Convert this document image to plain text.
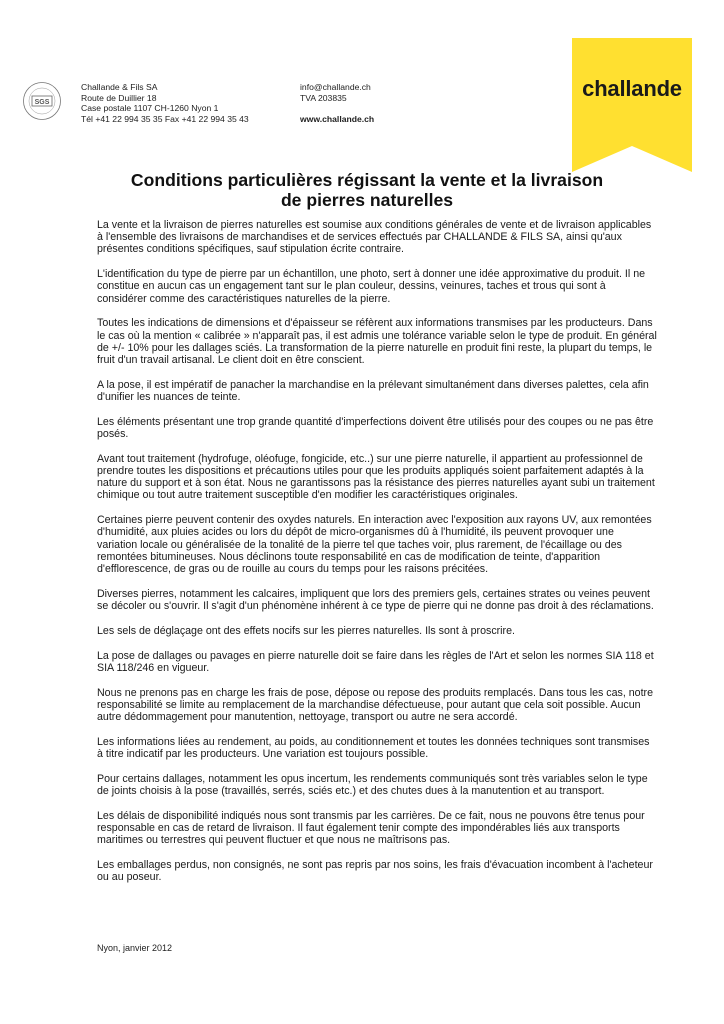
SGS
Challande & Fils SA
Route de Duillier 18
Case postale 1107 CH-1260 Nyon 1
Tél +41 22 994 35 35 Fax +41 22 994 35 43
info@challande.ch
TVA 203835
www.challande.ch
challande
Conditions particulières régissant la vente et la livraison
de pierres naturelles

La vente et la livraison de pierres naturelles est soumise aux conditions générales de vente et de livraison applicables à l'ensemble des livraisons de marchandises et de services effectués par CHALLANDE & FILS SA, ainsi qu'aux présentes conditions spécifiques, sauf stipulation écrite contraire.

L'identification du type de pierre par un échantillon, une photo, sert à donner une idée approximative du produit. Il ne constitue en aucun cas un engagement tant sur le plan couleur, dessins, veinures, taches et trous qui sont à considérer comme des caractéristiques naturelles de la pierre.

Toutes les indications de dimensions et d'épaisseur se réfèrent aux informations transmises par les producteurs. Dans le cas où la mention « calibrée » n'apparaît pas, il est admis une tolérance variable selon le type de produit. En général de +/- 10% pour les dallages sciés. La transformation de la pierre naturelle en produit fini reste, la plupart du temps, le fruit d'un travail artisanal. Le client doit en être conscient.

A la pose, il est impératif de panacher la marchandise en la prélevant simultanément dans diverses palettes, cela afin d'unifier les nuances de teinte.

Les éléments présentant une trop grande quantité d'imperfections doivent être utilisés pour des coupes ou ne pas être posés.

Avant tout traitement (hydrofuge, oléofuge, fongicide, etc..) sur une pierre naturelle, il appartient au professionnel de prendre toutes les dispositions et précautions utiles pour que les produits appliqués soient parfaitement adaptés à la nature du support et à son état. Nous ne garantissons pas la résistance des pierres naturelles ayant subi un traitement chimique ou tout autre traitement susceptible d'en modifier les caractéristiques originales.

Certaines pierre peuvent contenir des oxydes naturels. En interaction avec l'exposition aux rayons UV, aux remontées d'humidité, aux pluies acides ou lors du dépôt de micro-organismes dû à l'humidité, ils peuvent provoquer une variation locale ou généralisée de la tonalité de la pierre tel que taches voir, plus rarement, de l'écaillage ou des remontées bitumineuses. Nous déclinons toute responsabilité en cas de modification de teinte, d'apparition d'efflorescence, de gras ou de rouille au cours du temps pour les raisons précitées.

Diverses pierres, notamment les calcaires, impliquent que lors des premiers gels, certaines strates ou veines peuvent se décoler ou s'ouvrir. Il s'agit d'un phénomène inhérent à ce type de pierre qui ne donne pas droit à des réclamations.

Les sels de déglaçage ont des effets nocifs sur les pierres naturelles. Ils sont à proscrire.

La pose de dallages ou pavages en pierre naturelle doit se faire dans les règles de l'Art et selon les normes SIA 118 et SIA 118/246 en vigueur.

Nous ne prenons pas en charge les frais de pose, dépose ou repose des produits remplacés. Dans tous les cas, notre responsabilité se limite au remplacement de la marchandise défectueuse, pour autant que cela soit possible. Aucun autre dédommagement pour manutention, nettoyage, transport ou autre ne sera accordé.

Les informations liées au rendement, au poids, au conditionnement et toutes les données techniques sont transmises à titre indicatif par les producteurs. Une variation est toujours possible.

Pour certains dallages, notamment les opus incertum, les rendements communiqués sont très variables selon le type de joints choisis à la pose (travaillés, serrés, sciés etc.) et des chutes dues à la manutention et au transport.

Les délais de disponibilité indiqués nous sont transmis par les carrières. De ce fait, nous ne pouvons être tenus pour responsable en cas de retard de livraison. Il faut également tenir compte des impondérables liés aux transports maritimes ou terrestres qui peuvent fluctuer et que nous ne maîtrisons pas.

Les emballages perdus, non consignés, ne sont pas repris par nos soins, les frais d'évacuation incombent à l'acheteur ou au poseur.

Nyon, janvier 2012
